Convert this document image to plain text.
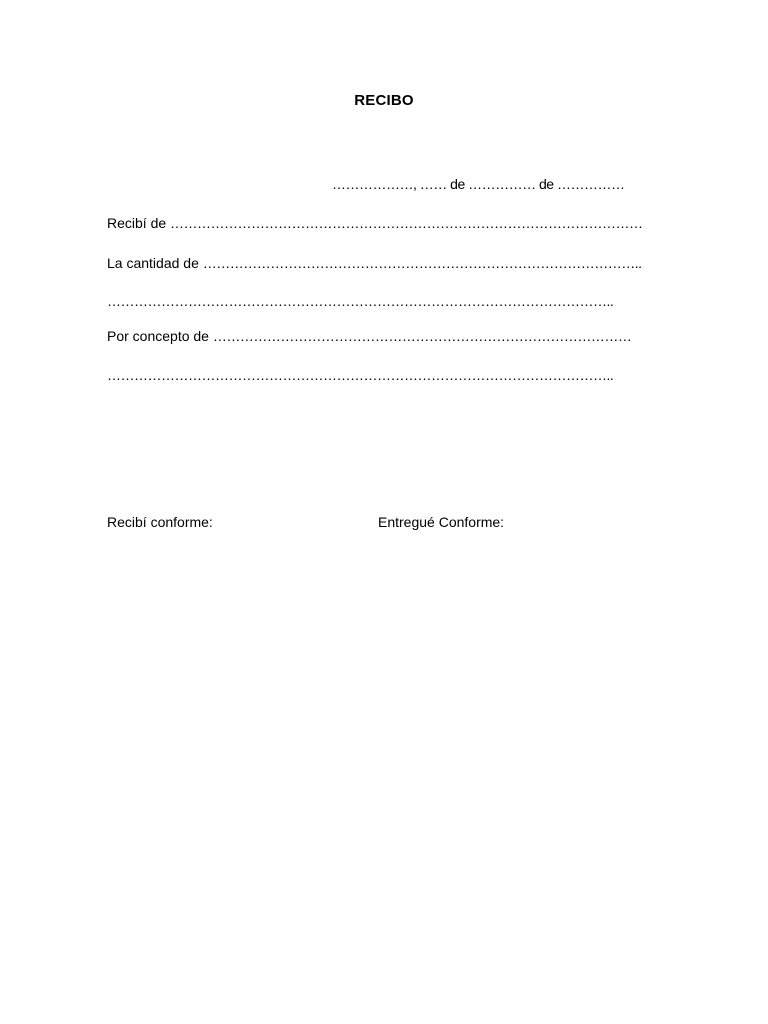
RECIBO
………………, …… de …………… de ……………
Recibí de ……………………………………………………………………………………………
La cantidad de ……………………………………………………………………………………..
…………………………………………………………………………………………………..
Por concepto de …………………………………………………………………………………
…………………………………………………………………………………………………..
Recibí conforme:	Entregué Conforme:
